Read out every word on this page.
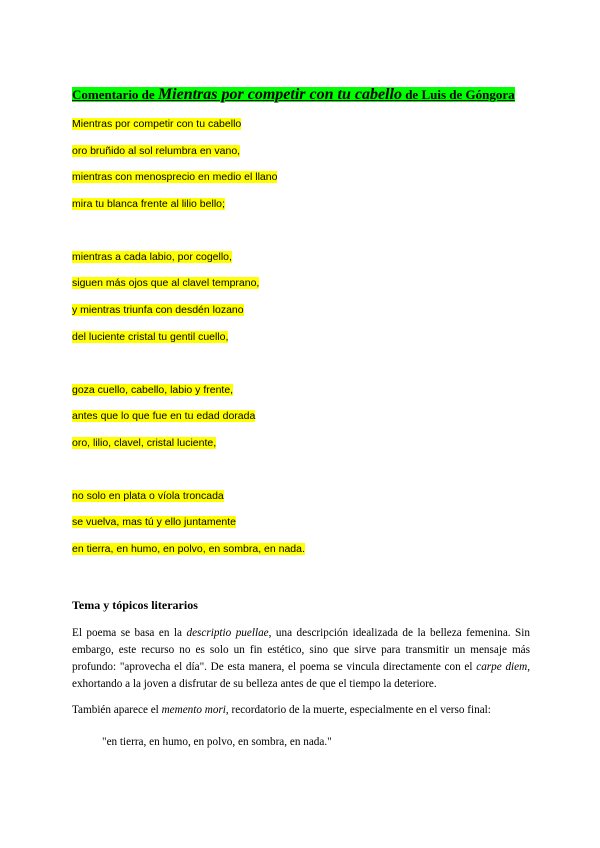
Comentario de Mientras por competir con tu cabello de Luis de Góngora

Mientras por competir con tu cabello

oro bruñido al sol relumbra en vano,

mientras con menosprecio en medio el llano

mira tu blanca frente al lilio bello;

mientras a cada labio, por cogello,

siguen más ojos que al clavel temprano,

y mientras triunfa con desdén lozano

del luciente cristal tu gentil cuello,

goza cuello, cabello, labio y frente,

antes que lo que fue en tu edad dorada

oro, lilio, clavel, cristal luciente,

no solo en plata o víola troncada

se vuelva, mas tú y ello juntamente

en tierra, en humo, en polvo, en sombra, en nada.

Tema y tópicos literarios

El poema se basa en la descriptio puellae, una descripción idealizada de la belleza femenina. Sin embargo, este recurso no es solo un fin estético, sino que sirve para transmitir un mensaje más profundo: "aprovecha el día". De esta manera, el poema se vincula directamente con el carpe diem, exhortando a la joven a disfrutar de su belleza antes de que el tiempo la deteriore.

También aparece el memento mori, recordatorio de la muerte, especialmente en el verso final:

"en tierra, en humo, en polvo, en sombra, en nada."
